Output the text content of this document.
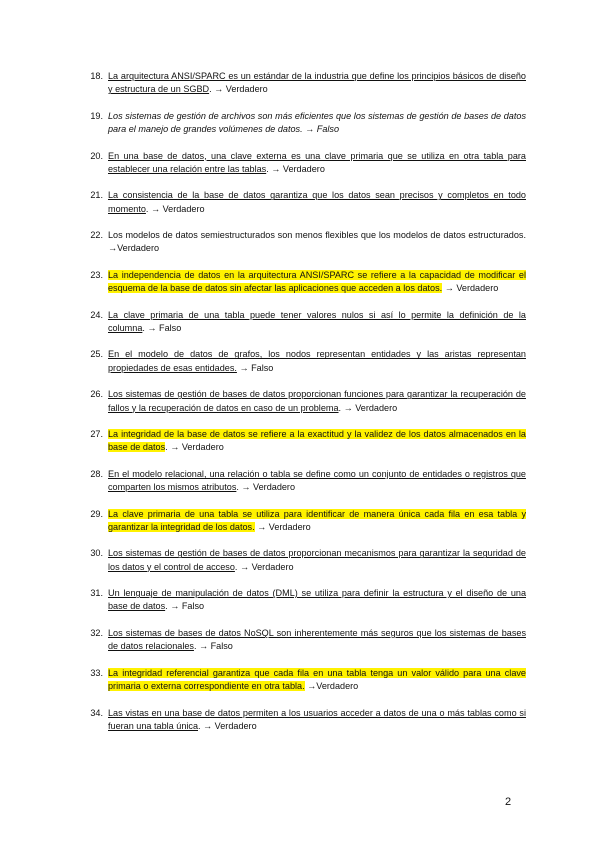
18. La arquitectura ANSI/SPARC es un estándar de la industria que define los principios básicos de diseño y estructura de un SGBD. → Verdadero
19. Los sistemas de gestión de archivos son más eficientes que los sistemas de gestión de bases de datos para el manejo de grandes volúmenes de datos. → Falso
20. En una base de datos, una clave externa es una clave primaria que se utiliza en otra tabla para establecer una relación entre las tablas. → Verdadero
21. La consistencia de la base de datos garantiza que los datos sean precisos y completos en todo momento. → Verdadero
22. Los modelos de datos semiestructurados son menos flexibles que los modelos de datos estructurados. →Verdadero
23. La independencia de datos en la arquitectura ANSI/SPARC se refiere a la capacidad de modificar el esquema de la base de datos sin afectar las aplicaciones que acceden a los datos. → Verdadero
24. La clave primaria de una tabla puede tener valores nulos si así lo permite la definición de la columna. → Falso
25. En el modelo de datos de grafos, los nodos representan entidades y las aristas representan propiedades de esas entidades. → Falso
26. Los sistemas de gestión de bases de datos proporcionan funciones para garantizar la recuperación de fallos y la recuperación de datos en caso de un problema. → Verdadero
27. La integridad de la base de datos se refiere a la exactitud y la validez de los datos almacenados en la base de datos. → Verdadero
28. En el modelo relacional, una relación o tabla se define como un conjunto de entidades o registros que comparten los mismos atributos. → Verdadero
29. La clave primaria de una tabla se utiliza para identificar de manera única cada fila en esa tabla y garantizar la integridad de los datos. → Verdadero
30. Los sistemas de gestión de bases de datos proporcionan mecanismos para garantizar la seguridad de los datos y el control de acceso. → Verdadero
31. Un lenguaje de manipulación de datos (DML) se utiliza para definir la estructura y el diseño de una base de datos. → Falso
32. Los sistemas de bases de datos NoSQL son inherentemente más seguros que los sistemas de bases de datos relacionales. → Falso
33. La integridad referencial garantiza que cada fila en una tabla tenga un valor válido para una clave primaria o externa correspondiente en otra tabla. →Verdadero
34. Las vistas en una base de datos permiten a los usuarios acceder a datos de una o más tablas como si fueran una tabla única. → Verdadero
2
